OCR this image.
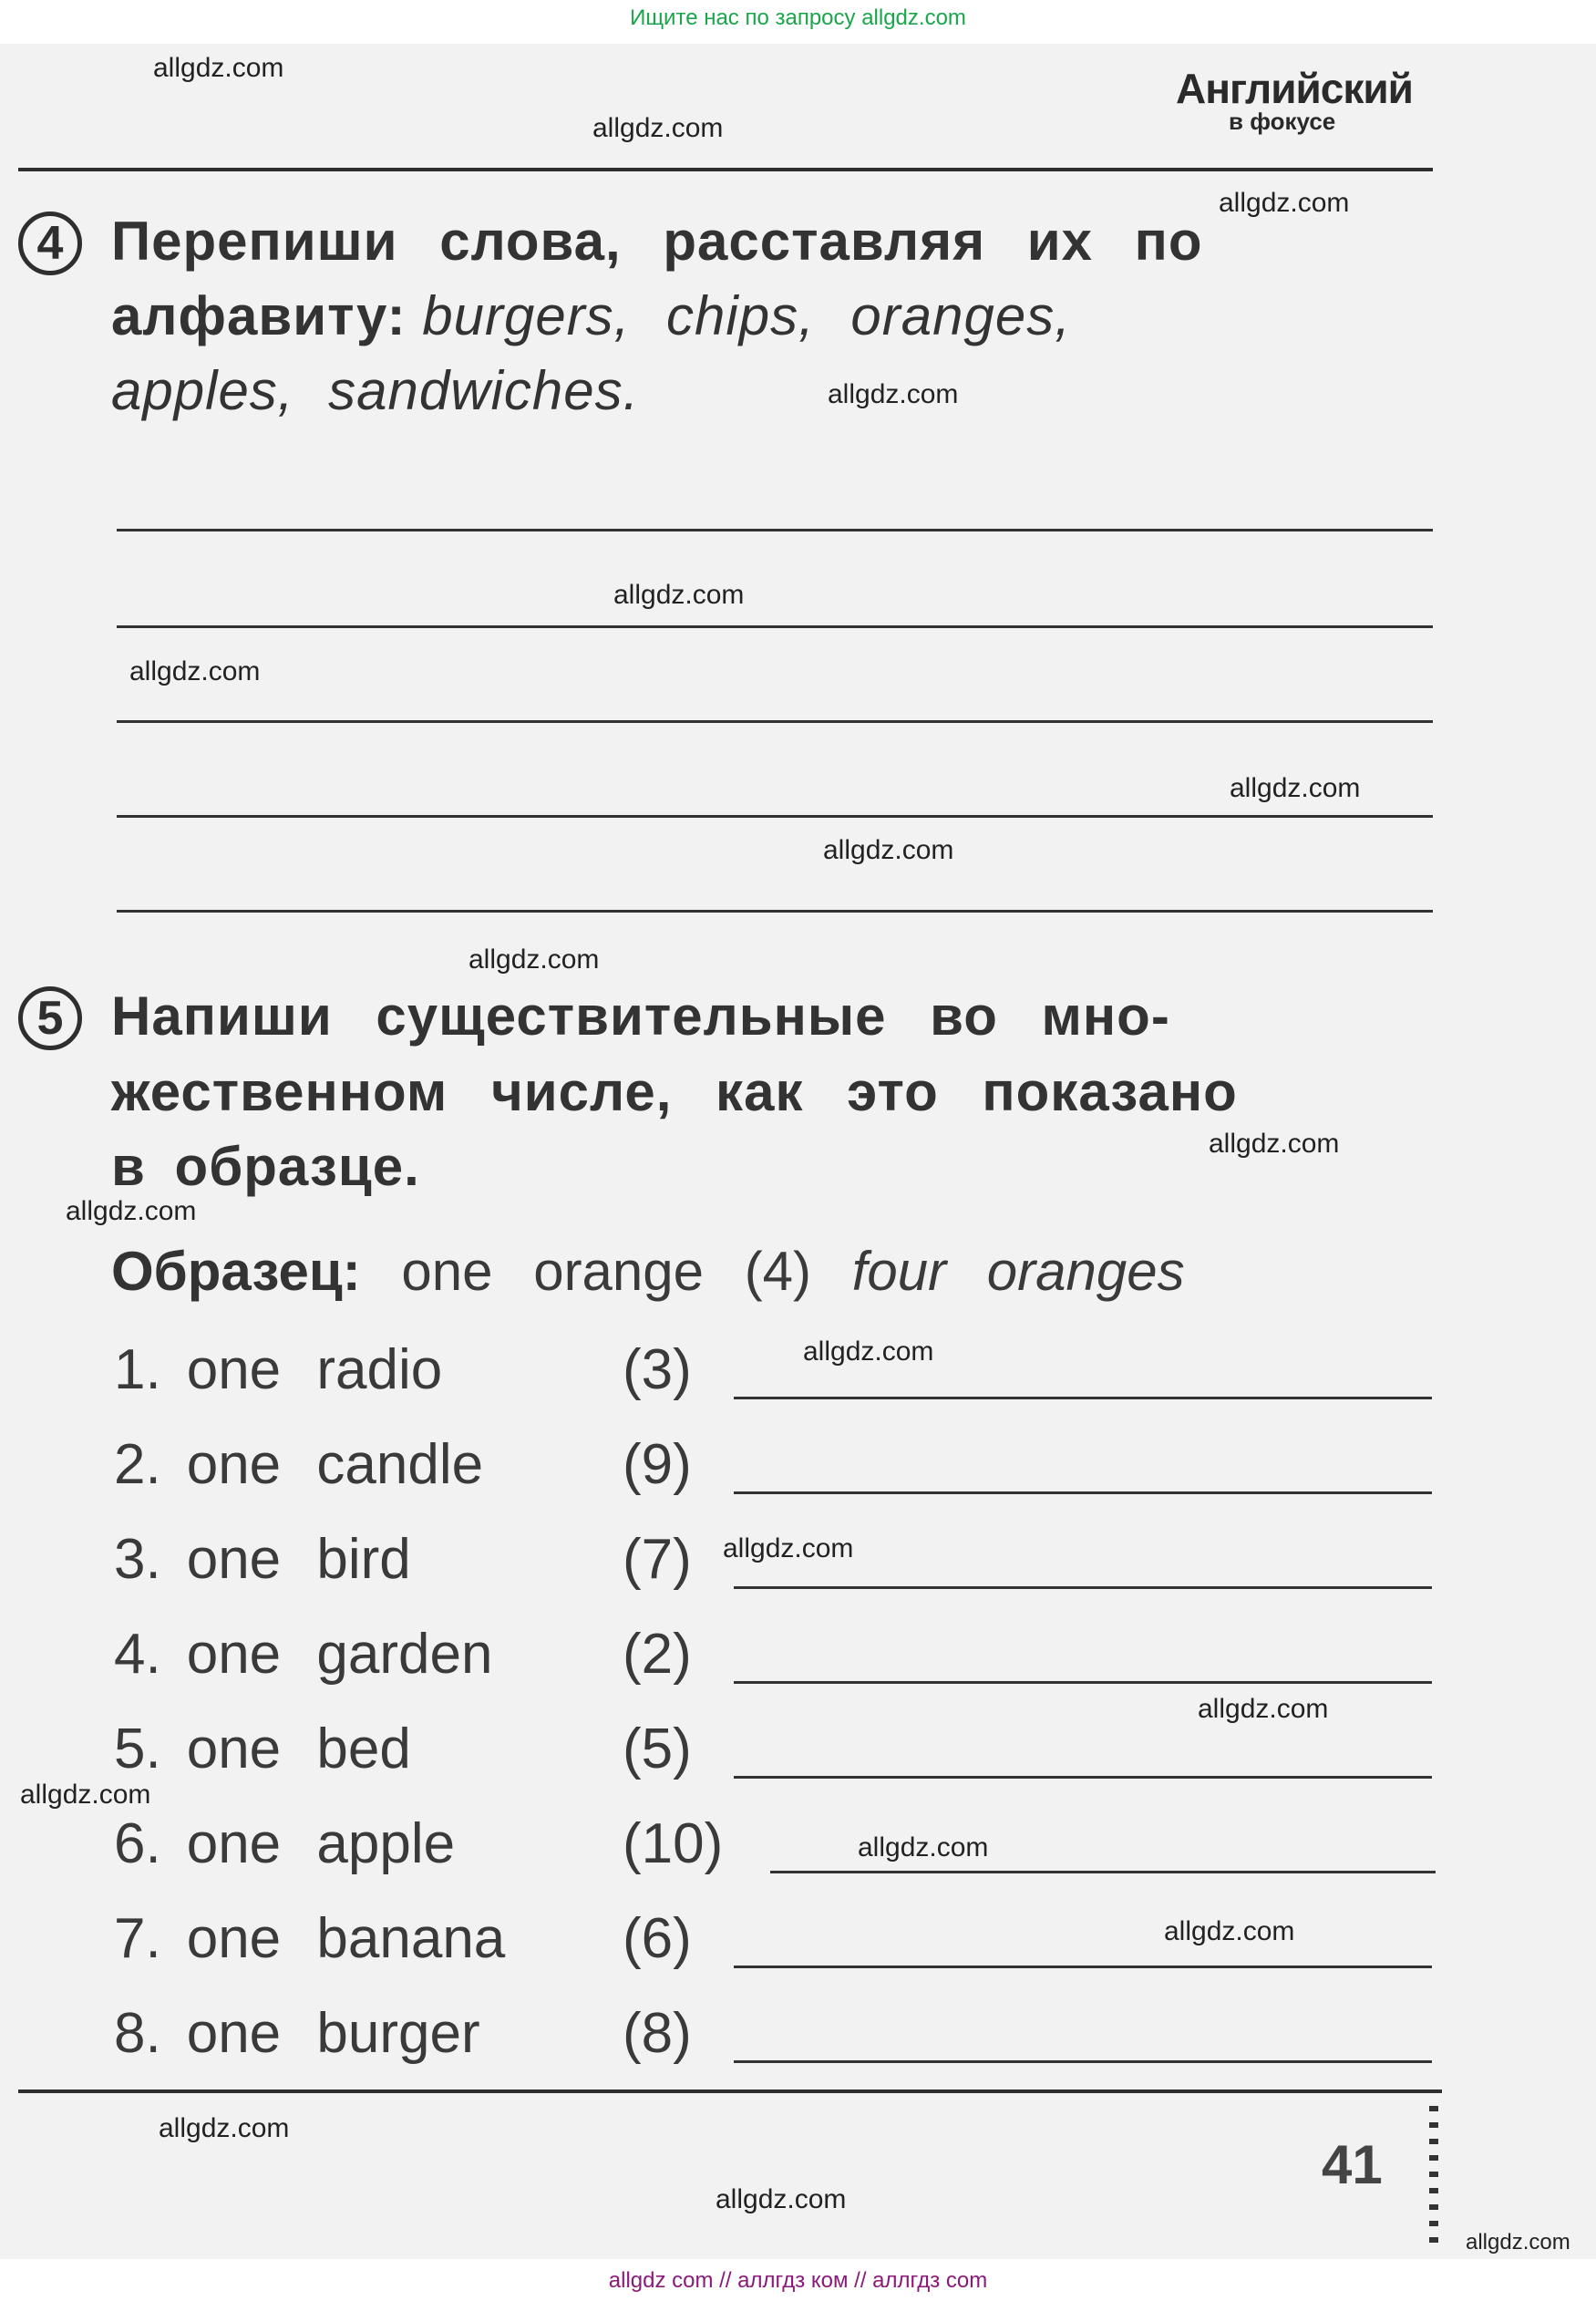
Ищите нас по запросу allgdz.com
Английский
в фокусе
4 Перепиши слова, расставляя их по
алфавиту: burgers, chips, oranges,
apples, sandwiches.
5 Напиши существительные во мно-
жественном числе, как это показано
в образце.
Образец: one orange (4) four oranges
1. one radio	(3)
2. one candle (9)
3. one bird	(7)
4. one garden (2)
5. one bed	(5)
6. one apple	(10)
7. one banana (6)
8. one burger	(8)
41
allgdz.com
allgdz.com
allgdz.com
allgdz.com
allgdz.com
allgdz.com
allgdz.com
allgdz.com
allgdz.com
allgdz.com
allgdz.com
allgdz.com
allgdz.com
allgdz.com
allgdz.com
allgdz.com
allgdz.com
allgdz.com
allgdz.com
allgdz.com
allgdz com // аллгдз ком // аллгдз com
